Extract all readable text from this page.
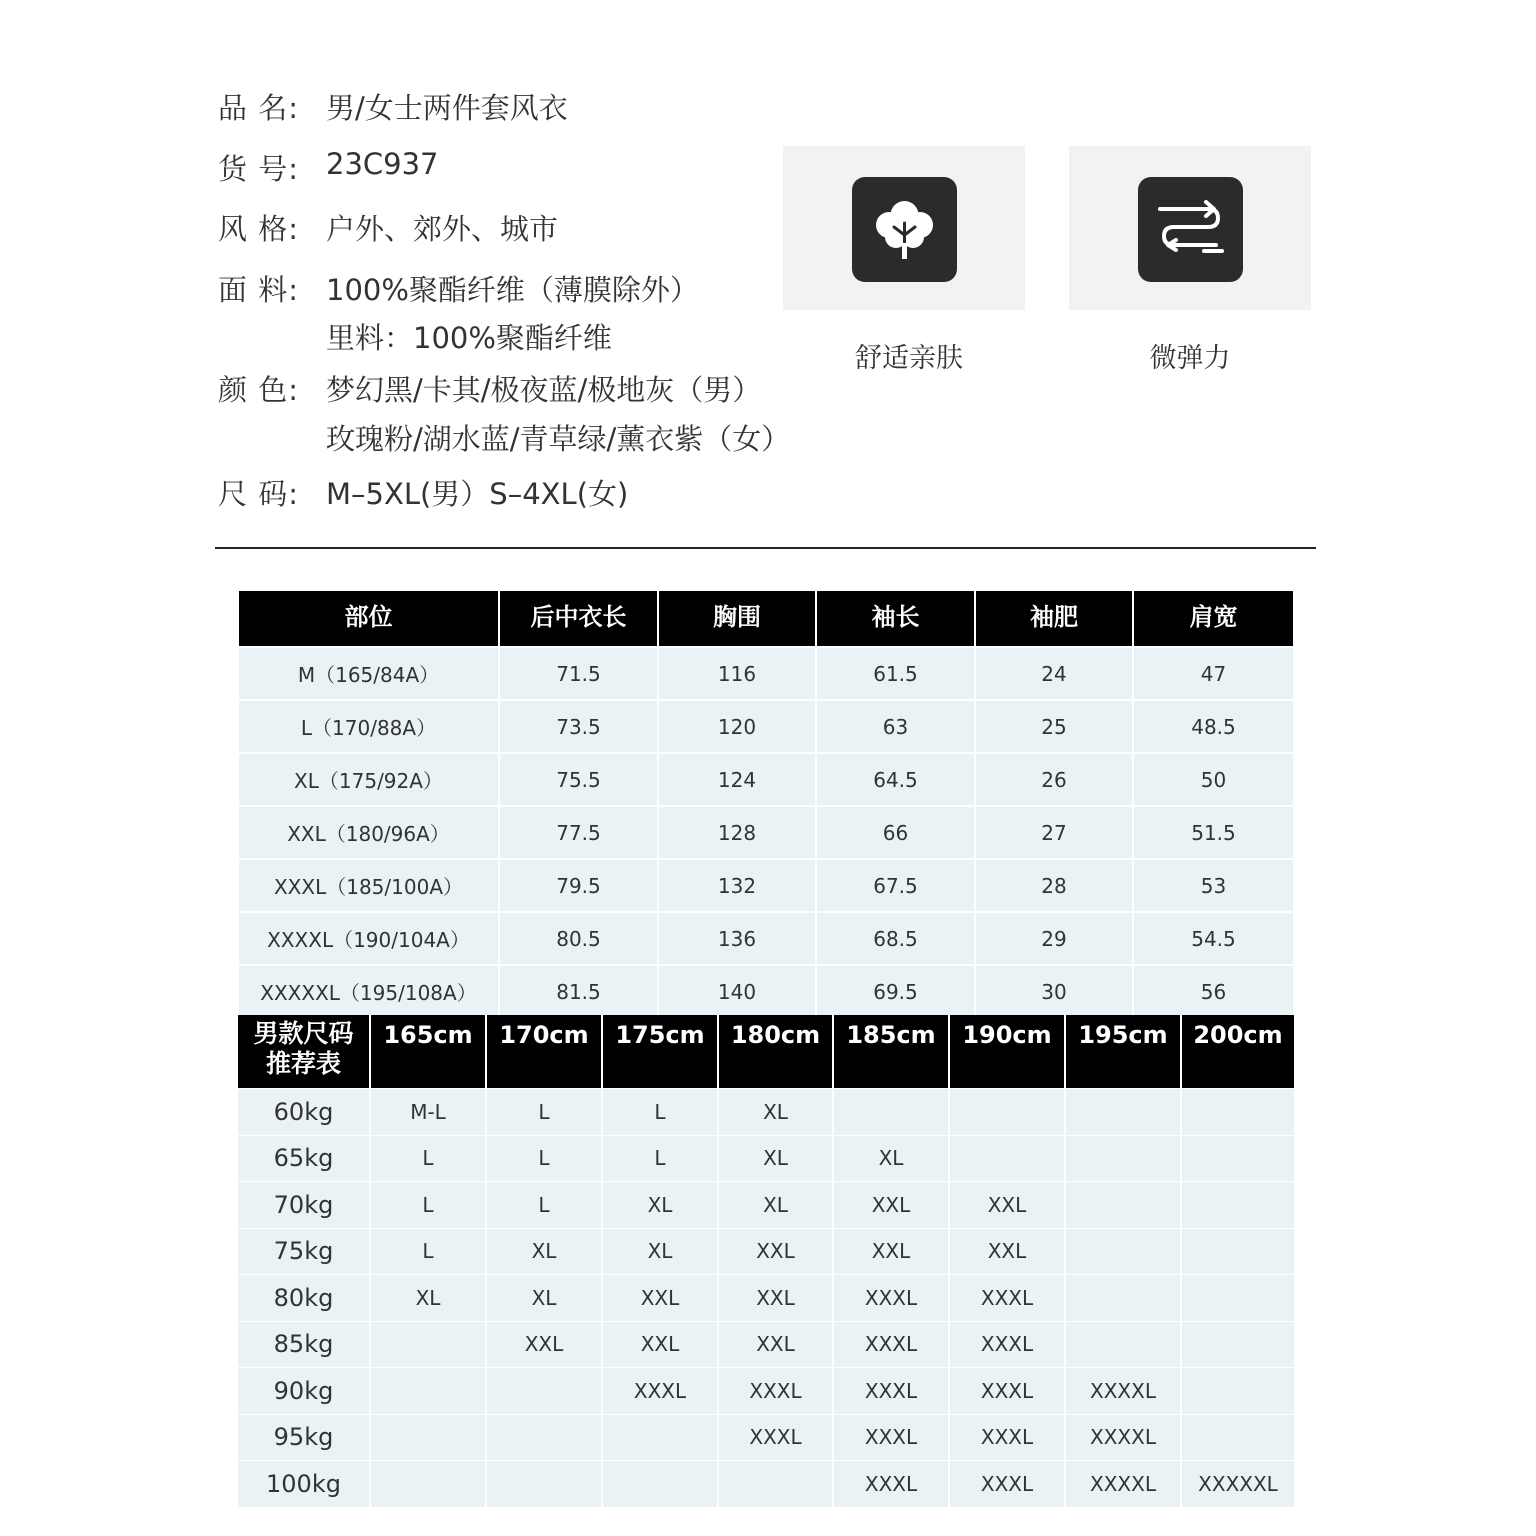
品 名: 男/女士两件套风衣
货 号: 23C937
风 格: 户外、郊外、城市
面 料: 100%聚酯纤维（薄膜除外）
里料：100%聚酯纤维
颜 色: 梦幻黑/卡其/极夜蓝/极地灰（男）
玫瑰粉/湖水蓝/青草绿/薰衣紫（女）
尺 码: M–5XL(男）S–4XL(女)
舒适亲肤	微弹力
部位	后中衣长	胸围	袖长	袖肥	肩宽
M（165/84A）	71.5	116	61.5	24	47
L（170/88A）	73.5	120	63	25	48.5
XL（175/92A）	75.5	124	64.5	26	50
XXL（180/96A）	77.5	128	66	27	51.5
XXXL（185/100A）	79.5	132	67.5	28	53
XXXXL（190/104A）	80.5	136	68.5	29	54.5
XXXXXL（195/108A）	81.5	140	69.5	30	56
男款尺码
推荐表	165cm	170cm	175cm	180cm	185cm	190cm	195cm	200cm
60kg	M-L	L	L	XL				
65kg	L	L	L	XL	XL			
70kg	L	L	XL	XL	XXL	XXL		
75kg	L	XL	XL	XXL	XXL	XXL		
80kg	XL	XL	XXL	XXL	XXXL	XXXL		
85kg		XXL	XXL	XXL	XXXL	XXXL		
90kg			XXXL	XXXL	XXXL	XXXL	XXXXL	
95kg				XXXL	XXXL	XXXL	XXXXL	
100kg					XXXL	XXXL	XXXXL	XXXXXL
